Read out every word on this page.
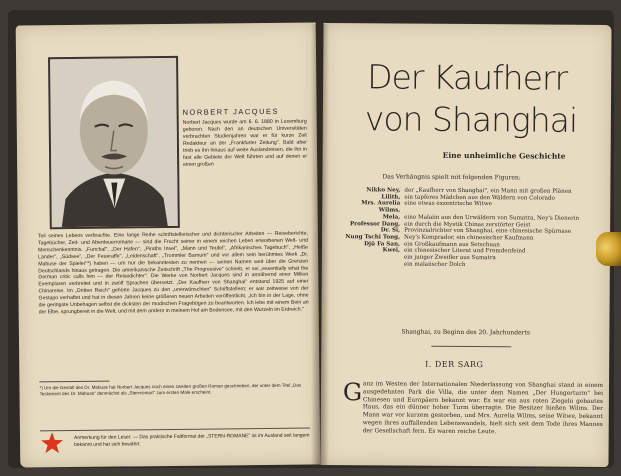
NORBERT JACQUES
Norbert Jacques wurde am 6. 6. 1880 in Luxemburg geboren. Nach den an deutschen Universitäten verbrachten Studienjahren war er für kurze Zeit Redakteur an der „Frankfurter Zeitung". Bald aber trieb es ihn hinaus auf weite Auslandreisen, die ihn in fast alle Gebiete der Welt führten und auf denen er einen großen
Teil seines Lebens verbrachte. Eine lange Reihe schriftstellerischer und dichterischer Arbeiten — Reiseberichte, Tagebücher, Zeit- und Abenteuerromane — sind die Frucht seiner in einem reichen Leben erworbenen Welt- und Menschenkenntnis. „Funchal", „Der Hafen", „Piraths Insel", „Mann und Teufel", „Afrikanisches Tagebuch", „Heiße Länder", „Südsee", „Der Feueraffe", „Leidenschaft", „Trommler Barnum" und vor allem sein berühmtes Werk „Dr. Mabuse der Spieler"*) haben — um nur die bekanntesten zu nennen — seinen Namen weit über die Grenzen Deutschlands hinaus getragen. Die amerikanische Zeitschrift „The Progressive" schrieb, er sei „essentially what the German critic calls him — der Reisedichter". Die Werke von Norbert Jacques sind in annähernd einer Million Exemplaren verbreitet und in zwölf Sprachen übersetzt. „Der Kaufherr von Shanghai" entstand 1925 auf einer Chinareise. Im „Dritten Reich" gehörte Jacques zu den „unerwünschten" Schriftstellern; er war zeitweise von der Gestapo verhaftet und hat in diesen Jahren keine größeren neuen Arbeiten veröffentlicht. „Ich bin in der Lage, ohne die geringste Unbehagen selbst die dicksten der modischen Fragebögen zu beantworten. Ich lebe mit einem Bein an der Elbe, sprungbereit in die Welt, und mit dem andern in meinem Hof am Bodensee, mit den Wurzeln im Erdreich."
*) Um die Gestalt des Dr. Mabuse hat Norbert Jacques noch einen zweiten großen Roman geschrieben, der unter dem Titel „Das Testament des Dr. Mabuse" demnächst als „Sternroman" zum ersten Male erscheint.
Anmerkung für den Leser. — Das praktische Faltformat der „STERN-ROMANE" ist im Ausland seit langem bekannt und hat sich bewährt.
Der Kaufherr
von Shanghai
Eine unheimliche Geschichte
Das Verhängnis spielt mit folgenden Figuren:
Nikko Ney, der „Kaufherr von Shanghai", ein Mann mit großen Plänen
Lilith, ein tapferes Mädchen aus den Wäldern von Colorado
Mrs. Aurelia Wilms,
eine etwas exzentrische Witwe
Mela, eine Malaiin aus den Urwäldern von Sumatra, Ney's Dienerin
Professor Dang, ein durch die Mystik Chinas zerstörter Geist
Dr. Si, Provinzialrichter von Shanghai, eine chinesische Spürnase
Nung Tschi Tong, Ney's Komprador, ein chinesischer Kaufmann
Djü Fa San, ein Großkaufmann aus Setschuan
Kwei, ein chinesischer Literat und Fremdenfeind
ein junger Zweifler aus Sumatra
ein malaiischer Dolch
Shanghai, zu Beginn des 20. Jahrhunderts
I. DER SARG
G anz im Westen der Internationalen Niederlassung von Shanghai stand in einem ausgedehnten Park die Villa, die unter dem Namen „Der Hungerturm" bei Chinesen und Europäern bekannt war. Es war ein aus roten Ziegeln gebautes Haus, das ein dünner hoher Turm überragte. Die Besitzer hießen Wilms. Der Mann war vor kurzem gestorben, und Mrs. Aurelia Wilms, seine Witwe, bekannt wegen ihres auffallenden Lebenswandels, hielt sich seit dem Tode ihres Mannes der Gesellschaft fern. Es waren reiche Leute.
